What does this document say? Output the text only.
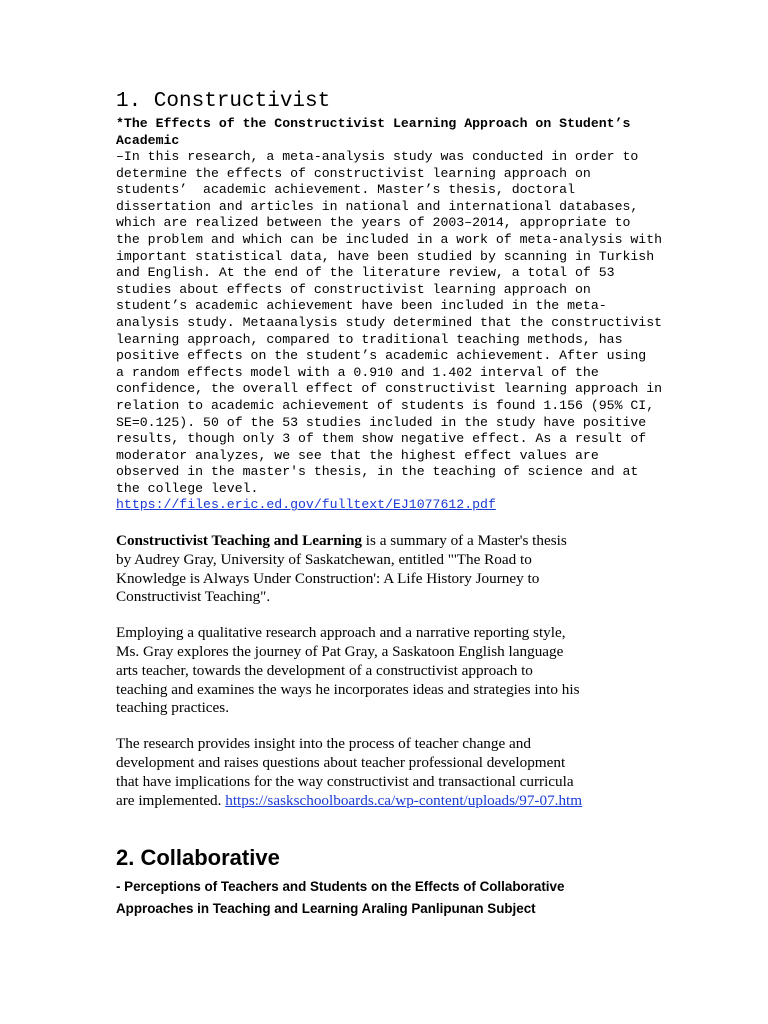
1. Constructivist
*The Effects of the Constructivist Learning Approach on Student’s
Academic
–In this research, a meta-analysis study was conducted in order to
determine the effects of constructivist learning approach on
students’  academic achievement. Master’s thesis, doctoral
dissertation and articles in national and international databases,
which are realized between the years of 2003–2014, appropriate to
the problem and which can be included in a work of meta-analysis with
important statistical data, have been studied by scanning in Turkish
and English. At the end of the literature review, a total of 53
studies about effects of constructivist learning approach on
student’s academic achievement have been included in the meta-
analysis study. Metaanalysis study determined that the constructivist
learning approach, compared to traditional teaching methods, has
positive effects on the student’s academic achievement. After using
a random effects model with a 0.910 and 1.402 interval of the
confidence, the overall effect of constructivist learning approach in
relation to academic achievement of students is found 1.156 (95% CI,
SE=0.125). 50 of the 53 studies included in the study have positive
results, though only 3 of them show negative effect. As a result of
moderator analyzes, we see that the highest effect values are
observed in the master's thesis, in the teaching of science and at
the college level.
https://files.eric.ed.gov/fulltext/EJ1077612.pdf
Constructivist Teaching and Learning is a summary of a Master's thesis
by Audrey Gray, University of Saskatchewan, entitled "'The Road to
Knowledge is Always Under Construction': A Life History Journey to
Constructivist Teaching".
Employing a qualitative research approach and a narrative reporting style,
Ms. Gray explores the journey of Pat Gray, a Saskatoon English language
arts teacher, towards the development of a constructivist approach to
teaching and examines the ways he incorporates ideas and strategies into his
teaching practices.
The research provides insight into the process of teacher change and
development and raises questions about teacher professional development
that have implications for the way constructivist and transactional curricula
are implemented. https://saskschoolboards.ca/wp-content/uploads/97-07.htm
2. Collaborative
- Perceptions of Teachers and Students on the Effects of Collaborative
Approaches in Teaching and Learning Araling Panlipunan Subject
